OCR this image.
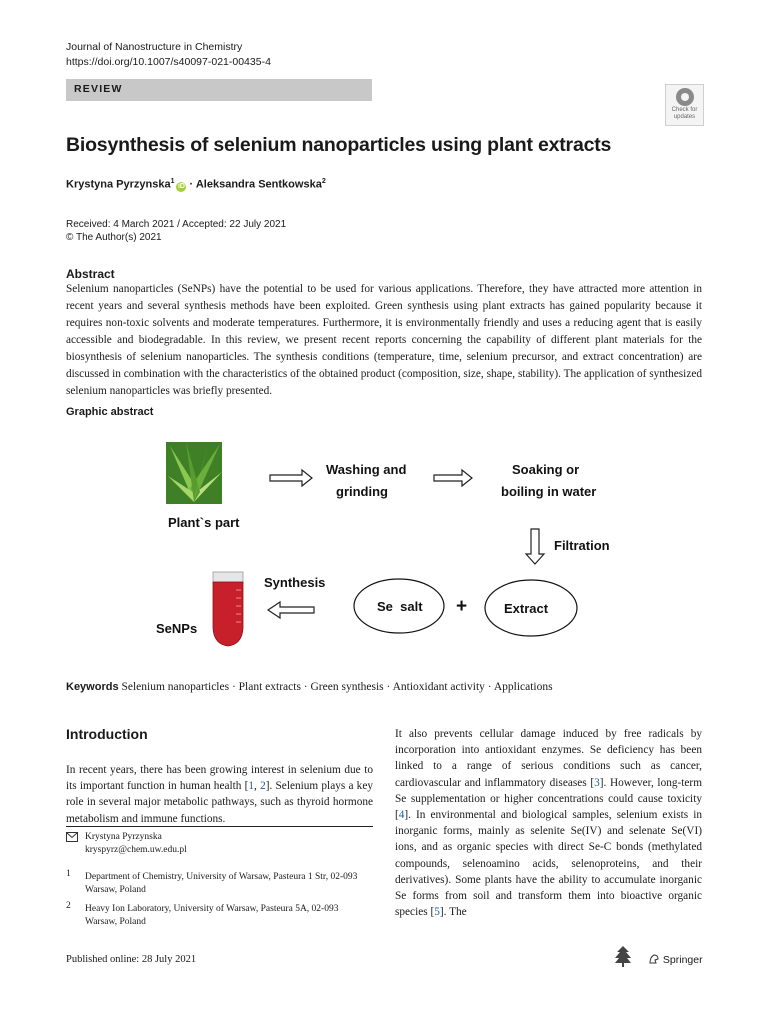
Journal of Nanostructure in Chemistry
https://doi.org/10.1007/s40097-021-00435-4
REVIEW
Check for updates
Biosynthesis of selenium nanoparticles using plant extracts
Krystyna Pyrzynska$^1$iD · Aleksandra Sentkowska$^2$
Received: 4 March 2021 / Accepted: 22 July 2021
© The Author(s) 2021
Abstract
Selenium nanoparticles (SeNPs) have the potential to be used for various applications. Therefore, they have attracted more attention in recent years and several synthesis methods have been exploited. Green synthesis using plant extracts has gained popularity because it requires non-toxic solvents and moderate temperatures. Furthermore, it is environmentally friendly and uses a reducing agent that is easily accessible and biodegradable. In this review, we present recent reports concerning the capability of different plant materials for the biosynthesis of selenium nanoparticles. The synthesis conditions (temperature, time, selenium precursor, and extract concentration) are discussed in combination with the characteristics of the obtained product (composition, size, shape, stability). The application of synthesized selenium nanoparticles was briefly presented.
Graphic abstract
Plant`s part
Washing and
grinding
Soaking or
boiling in water
Filtration
Extract
+
Se  salt
Synthesis
SeNPs
Keywords Selenium nanoparticles · Plant extracts · Green synthesis · Antioxidant activity · Applications
Introduction
In recent years, there has been growing interest in selenium due to its important function in human health [1, 2]. Selenium plays a key role in several major metabolic pathways, such as thyroid hormone metabolism and immune functions.
It also prevents cellular damage induced by free radicals by incorporation into antioxidant enzymes. Se deficiency has been linked to a range of serious conditions such as cancer, cardiovascular and inflammatory diseases [3]. However, long-term Se supplementation or higher concentrations could cause toxicity [4]. In environmental and biological samples, selenium exists in inorganic forms, mainly as selenite Se(IV) and selenate Se(VI) ions, and as organic species with direct Se-C bonds (methylated compounds, selenoamino acids, selenoproteins, and their derivatives). Some plants have the ability to accumulate inorganic Se forms from soil and transform them into bioactive organic species [5]. The
Krystyna Pyrzynska
kryspyrz@chem.uw.edu.pl
1	Department of Chemistry, University of Warsaw, Pasteura 1 Str, 02-093 Warsaw, Poland
2	Heavy Ion Laboratory, University of Warsaw, Pasteura 5A, 02-093 Warsaw, Poland
Published online: 28 July 2021	Springer
